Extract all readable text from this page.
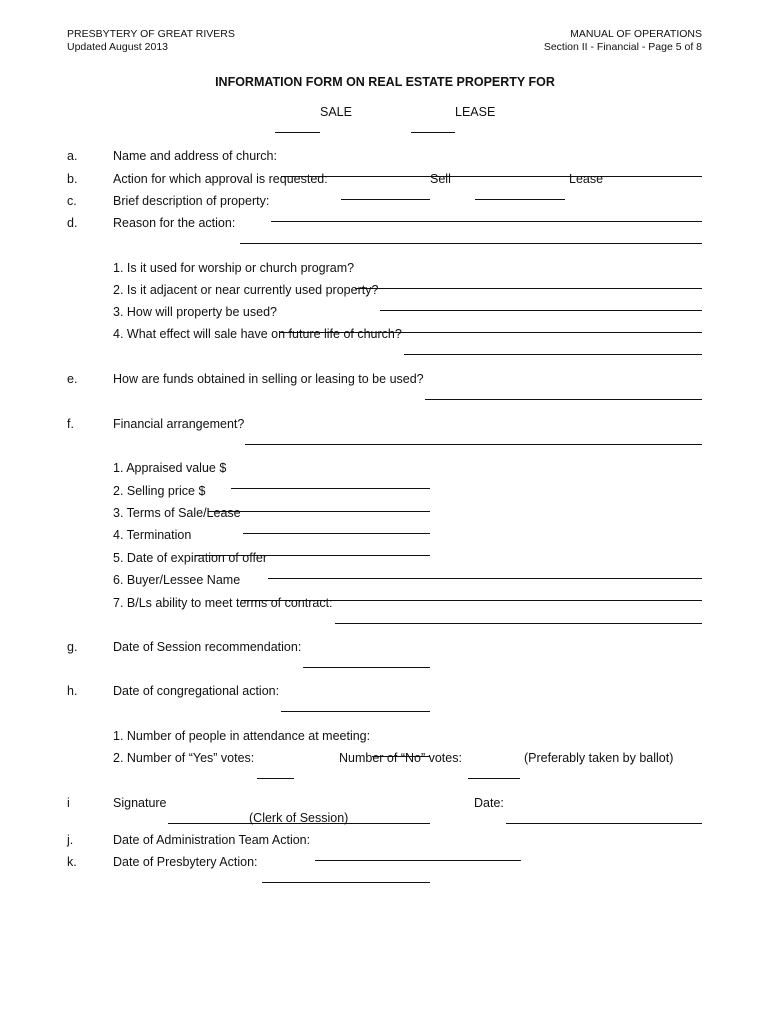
PRESBYTERY OF GREAT RIVERS
Updated August 2013
MANUAL OF OPERATIONS
Section II - Financial - Page 5 of 8
INFORMATION FORM ON REAL ESTATE PROPERTY FOR
SALE	LEASE
a.	Name and address of church:
b.	Action for which approval is requested:	Sell	Lease
c.	Brief description of property:
d.	Reason for the action:
1. Is it used for worship or church program?
2. Is it adjacent or near currently used property?
3. How will property be used?
4. What effect will sale have on future life of church?
e.	How are funds obtained in selling or leasing to be used?
f.	Financial arrangement?
1. Appraised value $
2. Selling price $
3. Terms of Sale/Lease
4. Termination
5. Date of expiration of offer
6. Buyer/Lessee Name
7. B/Ls ability to meet terms of contract:
g.	Date of Session recommendation:
h.	Date of congregational action:
1. Number of people in attendance at meeting:
2. Number of “Yes” votes:	Number of “No” votes:	(Preferably taken by ballot)
i	Signature
(Clerk of Session)
Date:
j.	Date of Administration Team Action:
k.	Date of Presbytery Action:
